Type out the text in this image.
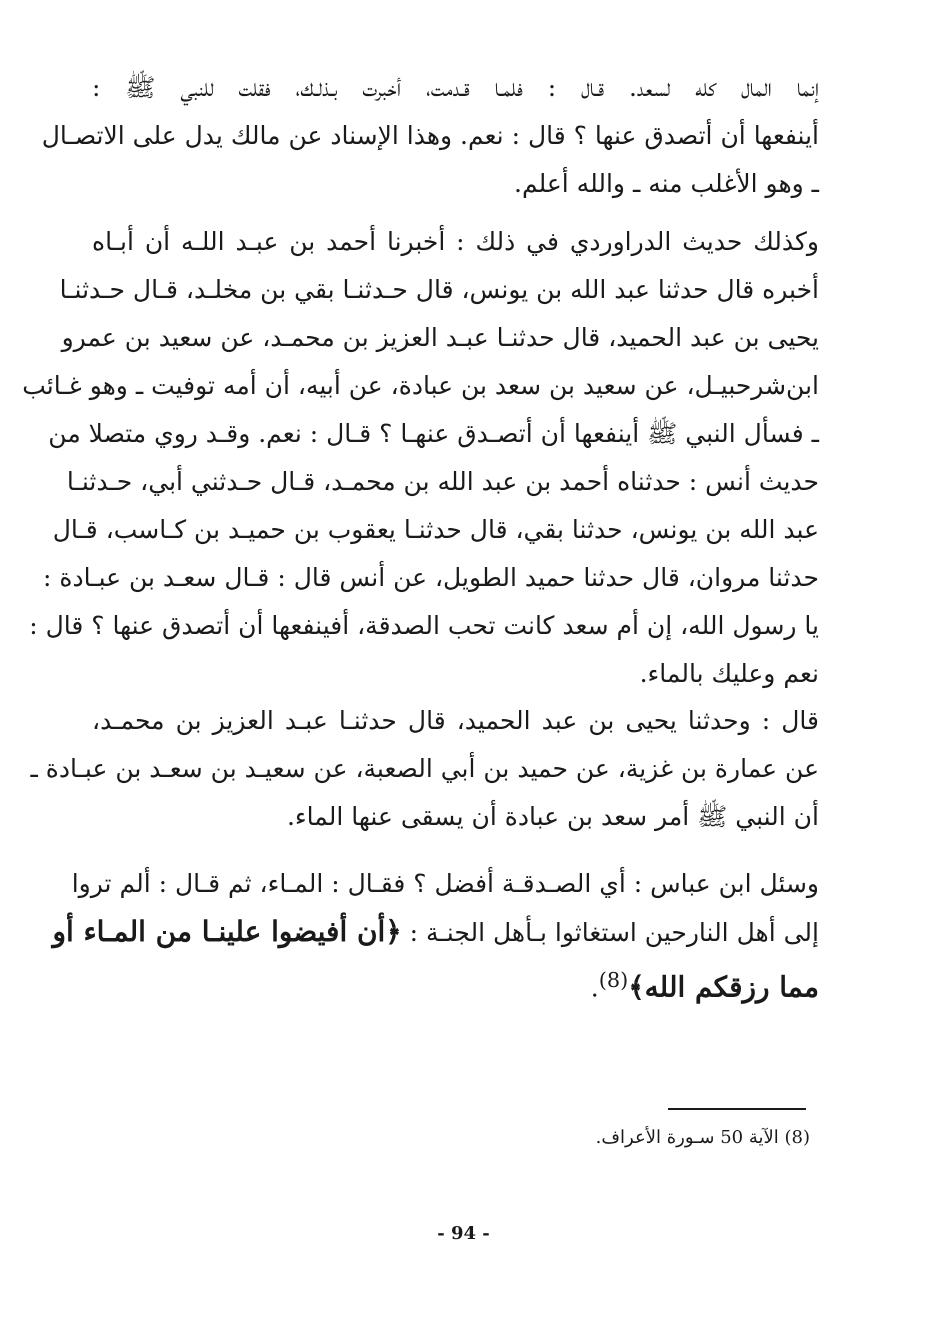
إنما المال كله لسعد. قـال : فلمـا قـدمت، أخبرت بـذلـك، فقلت للنبي ﷺ :
أينفعها أن أتصدق عنها ؟ قال : نعم. وهذا الإسناد عن مالك يدل على الاتصـال
ـ وهو الأغلب منه ـ والله أعلم.
وكذلك حديث الدراوردي في ذلك : أخبرنا أحمد بن عبـد اللـه أن أبـاه
أخبره قال حدثنا عبد الله بن يونس، قال حـدثنـا بقي بن مخلـد، قـال حـدثنـا
يحيى بن عبد الحميد، قال حدثنـا عبـد العزيز بن محمـد، عن سعيد بن عمرو
ابن‌شرحبيـل، عن سعيد بن سعد بن عبادة، عن أبيه، أن أمه توفيت ـ وهو غـائب
ـ فسأل النبي ﷺ أينفعها أن أتصـدق عنهـا ؟ قـال : نعم. وقـد روي متصلا من
حديث أنس : حدثناه أحمد بن عبد الله بن محمـد، قـال حـدثني أبي، حـدثنـا
عبد الله بن يونس، حدثنا بقي، قال حدثنـا يعقوب بن حميـد بن كـاسب، قـال
حدثنا مروان، قال حدثنا حميد الطويل، عن أنس قال : قـال سعـد بن عبـادة :
يا رسول الله، إن أم سعد كانت تحب الصدقة، أفينفعها أن أتصدق عنها ؟ قال :
نعم وعليك بالماء.
قال : وحدثنا يحيى بن عبد الحميد، قال حدثنـا عبـد العزيز بن محمـد،
عن عمارة بن غزية، عن حميد بن أبي الصعبة، عن سعيـد بن سعـد بن عبـادة ـ
أن النبي ﷺ أمر سعد بن عبادة أن يسقى عنها الماء.
وسئل ابن عباس : أي الصـدقـة أفضل ؟ فقـال : المـاء، ثم قـال : ألم تروا
إلى أهل النارحين استغاثوا بـأهل الجنـة : ﴿أن أفيضوا علينـا من المـاء أو
مما رزقكم الله﴾$^{(8)}$.
(8) الآية 50 سـورة الأعراف.
- 94 -
